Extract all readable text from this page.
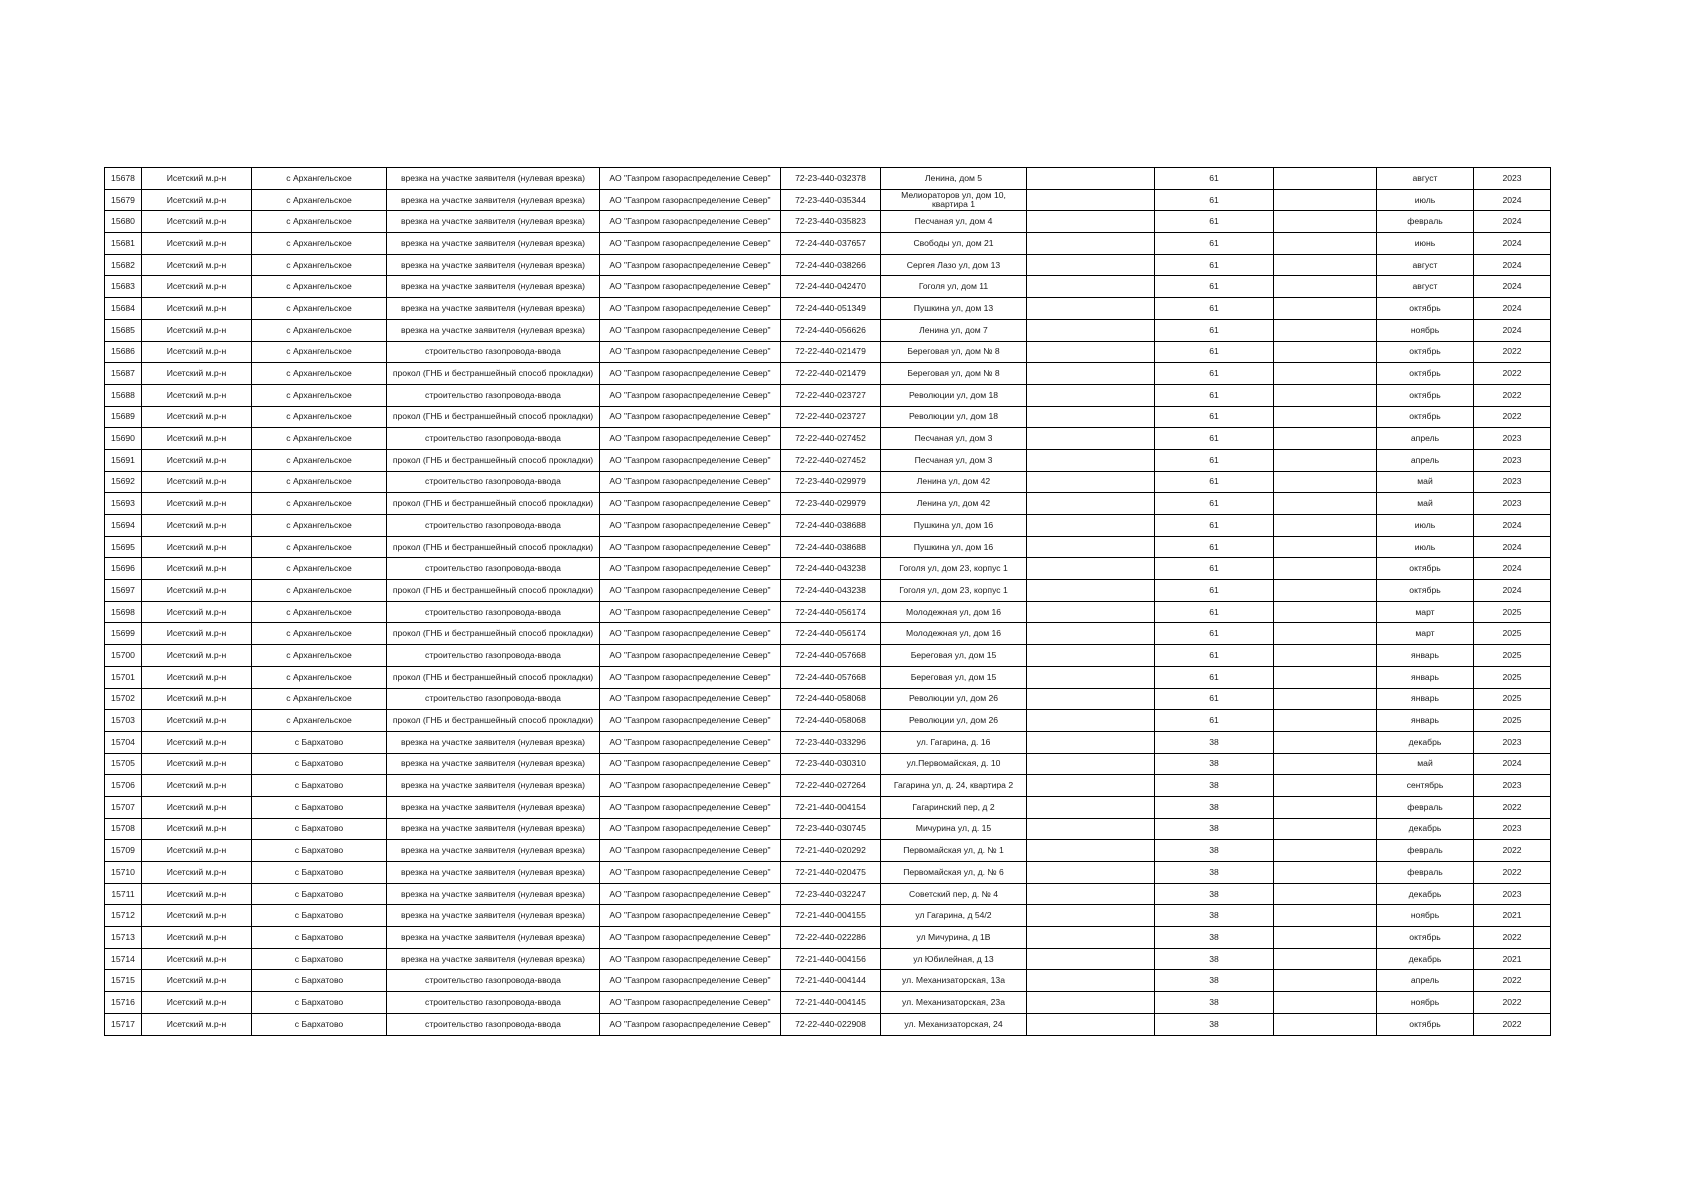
15678	Исетский м.р-н	с Архангельское	врезка на участке заявителя (нулевая врезка)	АО "Газпром газораспределение Север"	72-23-440-032378	Ленина, дом 5		61		август	2023
15679	Исетский м.р-н	с Архангельское	врезка на участке заявителя (нулевая врезка)	АО "Газпром газораспределение Север"	72-23-440-035344	Мелиораторов ул, дом 10, квартира 1		61		июль	2024
15680	Исетский м.р-н	с Архангельское	врезка на участке заявителя (нулевая врезка)	АО "Газпром газораспределение Север"	72-23-440-035823	Песчаная ул, дом 4		61		февраль	2024
15681	Исетский м.р-н	с Архангельское	врезка на участке заявителя (нулевая врезка)	АО "Газпром газораспределение Север"	72-24-440-037657	Свободы ул, дом 21		61		июнь	2024
15682	Исетский м.р-н	с Архангельское	врезка на участке заявителя (нулевая врезка)	АО "Газпром газораспределение Север"	72-24-440-038266	Сергея Лазо ул, дом 13		61		август	2024
15683	Исетский м.р-н	с Архангельское	врезка на участке заявителя (нулевая врезка)	АО "Газпром газораспределение Север"	72-24-440-042470	Гоголя ул, дом 11		61		август	2024
15684	Исетский м.р-н	с Архангельское	врезка на участке заявителя (нулевая врезка)	АО "Газпром газораспределение Север"	72-24-440-051349	Пушкина ул, дом 13		61		октябрь	2024
15685	Исетский м.р-н	с Архангельское	врезка на участке заявителя (нулевая врезка)	АО "Газпром газораспределение Север"	72-24-440-056626	Ленина ул, дом 7		61		ноябрь	2024
15686	Исетский м.р-н	с Архангельское	строительство газопровода-ввода	АО "Газпром газораспределение Север"	72-22-440-021479	Береговая ул, дом № 8		61		октябрь	2022
15687	Исетский м.р-н	с Архангельское	прокол (ГНБ и бестраншейный способ прокладки)	АО "Газпром газораспределение Север"	72-22-440-021479	Береговая ул, дом № 8		61		октябрь	2022
15688	Исетский м.р-н	с Архангельское	строительство газопровода-ввода	АО "Газпром газораспределение Север"	72-22-440-023727	Революции ул, дом 18		61		октябрь	2022
15689	Исетский м.р-н	с Архангельское	прокол (ГНБ и бестраншейный способ прокладки)	АО "Газпром газораспределение Север"	72-22-440-023727	Революции ул, дом 18		61		октябрь	2022
15690	Исетский м.р-н	с Архангельское	строительство газопровода-ввода	АО "Газпром газораспределение Север"	72-22-440-027452	Песчаная ул, дом 3		61		апрель	2023
15691	Исетский м.р-н	с Архангельское	прокол (ГНБ и бестраншейный способ прокладки)	АО "Газпром газораспределение Север"	72-22-440-027452	Песчаная ул, дом 3		61		апрель	2023
15692	Исетский м.р-н	с Архангельское	строительство газопровода-ввода	АО "Газпром газораспределение Север"	72-23-440-029979	Ленина ул, дом 42		61		май	2023
15693	Исетский м.р-н	с Архангельское	прокол (ГНБ и бестраншейный способ прокладки)	АО "Газпром газораспределение Север"	72-23-440-029979	Ленина ул, дом 42		61		май	2023
15694	Исетский м.р-н	с Архангельское	строительство газопровода-ввода	АО "Газпром газораспределение Север"	72-24-440-038688	Пушкина ул, дом 16		61		июль	2024
15695	Исетский м.р-н	с Архангельское	прокол (ГНБ и бестраншейный способ прокладки)	АО "Газпром газораспределение Север"	72-24-440-038688	Пушкина ул, дом 16		61		июль	2024
15696	Исетский м.р-н	с Архангельское	строительство газопровода-ввода	АО "Газпром газораспределение Север"	72-24-440-043238	Гоголя ул, дом 23, корпус 1		61		октябрь	2024
15697	Исетский м.р-н	с Архангельское	прокол (ГНБ и бестраншейный способ прокладки)	АО "Газпром газораспределение Север"	72-24-440-043238	Гоголя ул, дом 23, корпус 1		61		октябрь	2024
15698	Исетский м.р-н	с Архангельское	строительство газопровода-ввода	АО "Газпром газораспределение Север"	72-24-440-056174	Молодежная ул, дом 16		61		март	2025
15699	Исетский м.р-н	с Архангельское	прокол (ГНБ и бестраншейный способ прокладки)	АО "Газпром газораспределение Север"	72-24-440-056174	Молодежная ул, дом 16		61		март	2025
15700	Исетский м.р-н	с Архангельское	строительство газопровода-ввода	АО "Газпром газораспределение Север"	72-24-440-057668	Береговая ул, дом 15		61		январь	2025
15701	Исетский м.р-н	с Архангельское	прокол (ГНБ и бестраншейный способ прокладки)	АО "Газпром газораспределение Север"	72-24-440-057668	Береговая ул, дом 15		61		январь	2025
15702	Исетский м.р-н	с Архангельское	строительство газопровода-ввода	АО "Газпром газораспределение Север"	72-24-440-058068	Революции ул, дом 26		61		январь	2025
15703	Исетский м.р-н	с Архангельское	прокол (ГНБ и бестраншейный способ прокладки)	АО "Газпром газораспределение Север"	72-24-440-058068	Революции ул, дом 26		61		январь	2025
15704	Исетский м.р-н	с Бархатово	врезка на участке заявителя (нулевая врезка)	АО "Газпром газораспределение Север"	72-23-440-033296	ул. Гагарина, д. 16		38		декабрь	2023
15705	Исетский м.р-н	с Бархатово	врезка на участке заявителя (нулевая врезка)	АО "Газпром газораспределение Север"	72-23-440-030310	ул.Первомайская, д. 10		38		май	2024
15706	Исетский м.р-н	с Бархатово	врезка на участке заявителя (нулевая врезка)	АО "Газпром газораспределение Север"	72-22-440-027264	Гагарина ул, д. 24, квартира 2		38		сентябрь	2023
15707	Исетский м.р-н	с Бархатово	врезка на участке заявителя (нулевая врезка)	АО "Газпром газораспределение Север"	72-21-440-004154	Гагаринский пер, д 2		38		февраль	2022
15708	Исетский м.р-н	с Бархатово	врезка на участке заявителя (нулевая врезка)	АО "Газпром газораспределение Север"	72-23-440-030745	Мичурина ул, д. 15		38		декабрь	2023
15709	Исетский м.р-н	с Бархатово	врезка на участке заявителя (нулевая врезка)	АО "Газпром газораспределение Север"	72-21-440-020292	Первомайская ул, д. № 1		38		февраль	2022
15710	Исетский м.р-н	с Бархатово	врезка на участке заявителя (нулевая врезка)	АО "Газпром газораспределение Север"	72-21-440-020475	Первомайская ул, д. № 6		38		февраль	2022
15711	Исетский м.р-н	с Бархатово	врезка на участке заявителя (нулевая врезка)	АО "Газпром газораспределение Север"	72-23-440-032247	Советский пер, д. № 4		38		декабрь	2023
15712	Исетский м.р-н	с Бархатово	врезка на участке заявителя (нулевая врезка)	АО "Газпром газораспределение Север"	72-21-440-004155	ул Гагарина, д 54/2		38		ноябрь	2021
15713	Исетский м.р-н	с Бархатово	врезка на участке заявителя (нулевая врезка)	АО "Газпром газораспределение Север"	72-22-440-022286	ул Мичурина, д 1В		38		октябрь	2022
15714	Исетский м.р-н	с Бархатово	врезка на участке заявителя (нулевая врезка)	АО "Газпром газораспределение Север"	72-21-440-004156	ул Юбилейная, д 13		38		декабрь	2021
15715	Исетский м.р-н	с Бархатово	строительство газопровода-ввода	АО "Газпром газораспределение Север"	72-21-440-004144	ул. Механизаторская, 13а		38		апрель	2022
15716	Исетский м.р-н	с Бархатово	строительство газопровода-ввода	АО "Газпром газораспределение Север"	72-21-440-004145	ул. Механизаторская, 23а		38		ноябрь	2022
15717	Исетский м.р-н	с Бархатово	строительство газопровода-ввода	АО "Газпром газораспределение Север"	72-22-440-022908	ул. Механизаторская, 24		38		октябрь	2022
